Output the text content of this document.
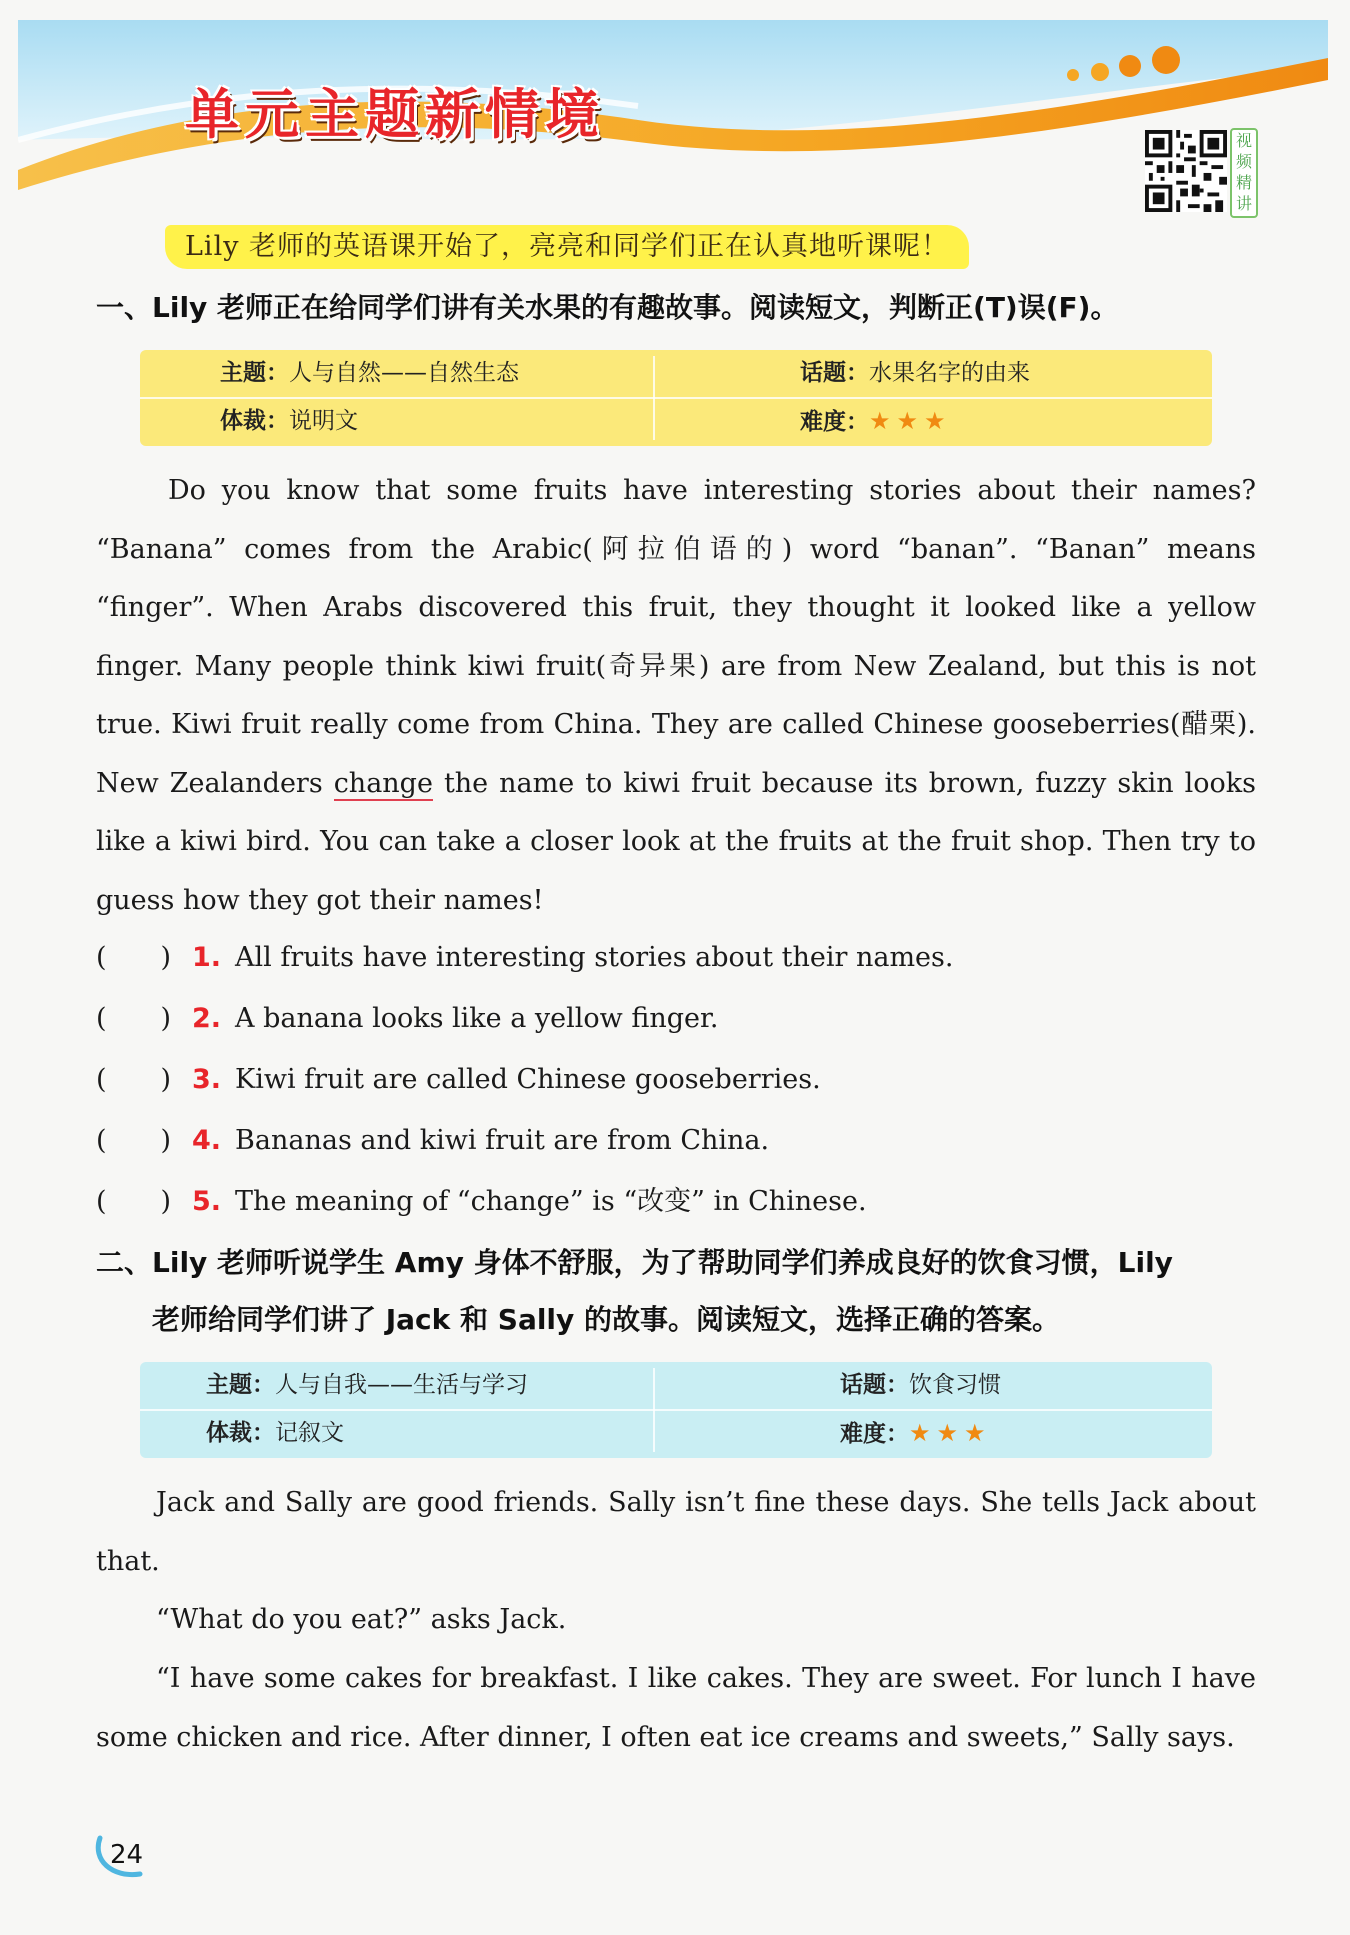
单元主题新情境	视频精讲
Lily 老师的英语课开始了，亮亮和同学们正在认真地听课呢！
一、Lily 老师正在给同学们讲有关水果的有趣故事。阅读短文，判断正(T)误(F)。
主题：人与自然——自然生态	话题：水果名字的由来
体裁：说明文	难度：★★★

Do you know that some fruits have interesting stories about their names? “Banana” comes from the Arabic(阿拉伯语的) word “banan”. “Banan” means “finger”. When Arabs discovered this fruit, they thought it looked like a yellow finger. Many people think kiwi fruit(奇异果) are from New Zealand, but this is not true. Kiwi fruit really come from China. They are called Chinese gooseberries(醋栗). New Zealanders change the name to kiwi fruit because its brown, fuzzy skin looks like a kiwi bird. You can take a closer look at the fruits at the fruit shop. Then try to guess how they got their names!

(　　) 1. All fruits have interesting stories about their names.
(　　) 2. A banana looks like a yellow finger.
(　　) 3. Kiwi fruit are called Chinese gooseberries.
(　　) 4. Bananas and kiwi fruit are from China.
(　　) 5. The meaning of “change” is “改变” in Chinese.
二、Lily 老师听说学生 Amy 身体不舒服，为了帮助同学们养成良好的饮食习惯，Lily
老师给同学们讲了 Jack 和 Sally 的故事。阅读短文，选择正确的答案。
主题：人与自我——生活与学习	话题：饮食习惯
体裁：记叙文	难度：★★★

Jack and Sally are good friends. Sally isn’t fine these days. She tells Jack about that.

“What do you eat?” asks Jack.

“I have some cakes for breakfast. I like cakes. They are sweet. For lunch I have some chicken and rice. After dinner, I often eat ice creams and sweets,” Sally says.

24
